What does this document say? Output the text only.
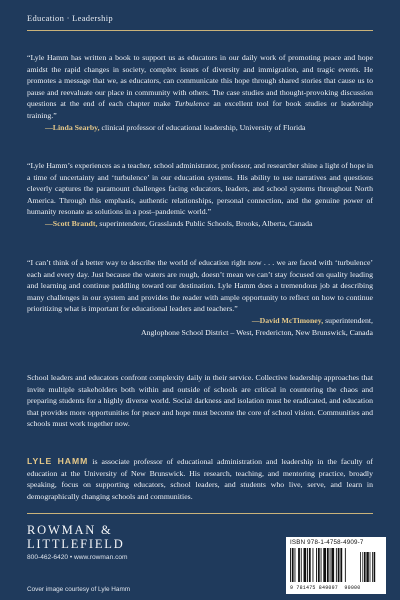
Education · Leadership
“Lyle Hamm has written a book to support us as educators in our daily work of promoting peace and hope amidst the rapid changes in society, complex issues of diversity and immigration, and tragic events. He promotes a message that we, as educators, can communicate this hope through shared stories that cause us to pause and reevaluate our place in community with others. The case studies and thought-provoking discussion questions at the end of each chapter make Turbulence an excellent tool for book studies or leadership training.”
—Linda Searby, clinical professor of educational leadership, University of Florida
“Lyle Hamm’s experiences as a teacher, school administrator, professor, and researcher shine a light of hope in a time of uncertainty and ‘turbulence’ in our education systems. His ability to use narratives and questions cleverly captures the paramount challenges facing educators, leaders, and school systems throughout North America. Through this emphasis, authentic relationships, personal connection, and the genuine power of humanity resonate as solutions in a post–pandemic world.”
—Scott Brandt, superintendent, Grasslands Public Schools, Brooks, Alberta, Canada
“I can’t think of a better way to describe the world of education right now . . . we are faced with ‘turbulence’ each and every day. Just because the waters are rough, doesn’t mean we can’t stay focused on quality leading and learning and continue paddling toward our destination. Lyle Hamm does a tremendous job at describing many challenges in our system and provides the reader with ample opportunity to reflect on how to continue prioritizing what is important for educational leaders and teachers.”
—David McTimoney, superintendent,
Anglophone School District – West, Fredericton, New Brunswick, Canada
School leaders and educators confront complexity daily in their service. Collective leadership approaches that invite multiple stakeholders both within and outside of schools are critical in countering the chaos and preparing students for a highly diverse world. Social darkness and isolation must be eradicated, and education that provides more opportunities for peace and hope must become the core of school vision. Communities and schools must work together now.
LYLE HAMM is associate professor of educational administration and leadership in the faculty of education at the University of New Brunswick. His research, teaching, and mentoring practice, broadly speaking, focus on supporting educators, school leaders, and students who live, serve, and learn in demographically changing schools and communities.
ROWMAN &
LITTLEFIELD
800-462-6420 • www.rowman.com
Cover image courtesy of Lyle Hamm
ISBN 978-1-4758-4909-7
9 781475 849097 90000
